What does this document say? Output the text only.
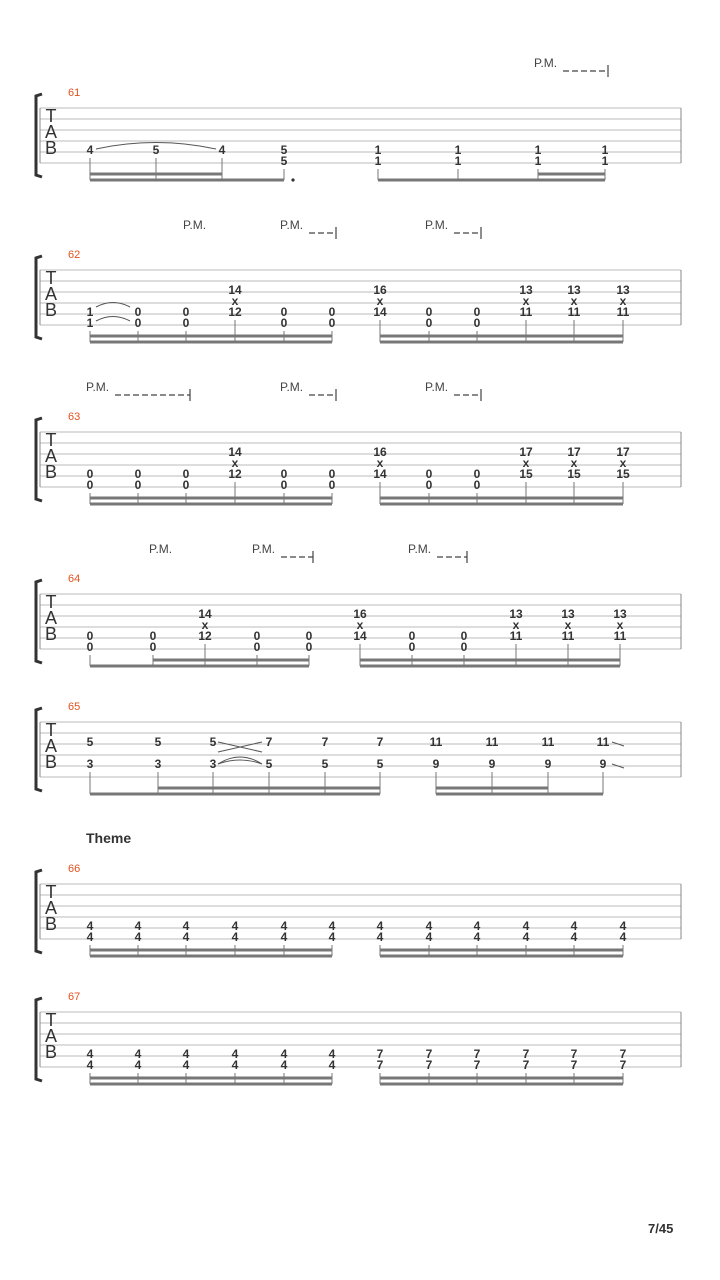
T
A
B
61
P.M.
4	5	4	5
5
1
1
1
1
1
1
1
1
T
A
B
62
P.M.	P.M.	P.M.
1
1
0
0
0
0
14
x
12	0
0
0
0
16
x
14	0
0
0
0
13
x
11
13
x
11
13
x
11
T
A
B
63
P.M.	P.M.	P.M.
0
0
0
0
0
0
14
x
12	0
0
0
0
16
x
14	0
0
0
0
17
x
15
17
x
15
17
x
15
T
A
B
64
P.M.	P.M.	P.M.
0
0
0
0
14
x
12	0
0
0
0
16
x
14	0
0
0
0
13
x
11
13
x
11
13
x
11
T
A
B
65
5
3
5
3
5
3
7
5
7
5
7
5
11
9
11
9
11
9
11
9
T
A
B
66
4
4
4
4
4
4
4
4
4
4
4
4
4
4
4
4
4
4
4
4
4
4
4
4
T
A
B
67
4
4
4
4
4
4
4
4
4
4
4
4
7
7
7
7
7
7
7
7
7
7
7
7
Theme
7/45
